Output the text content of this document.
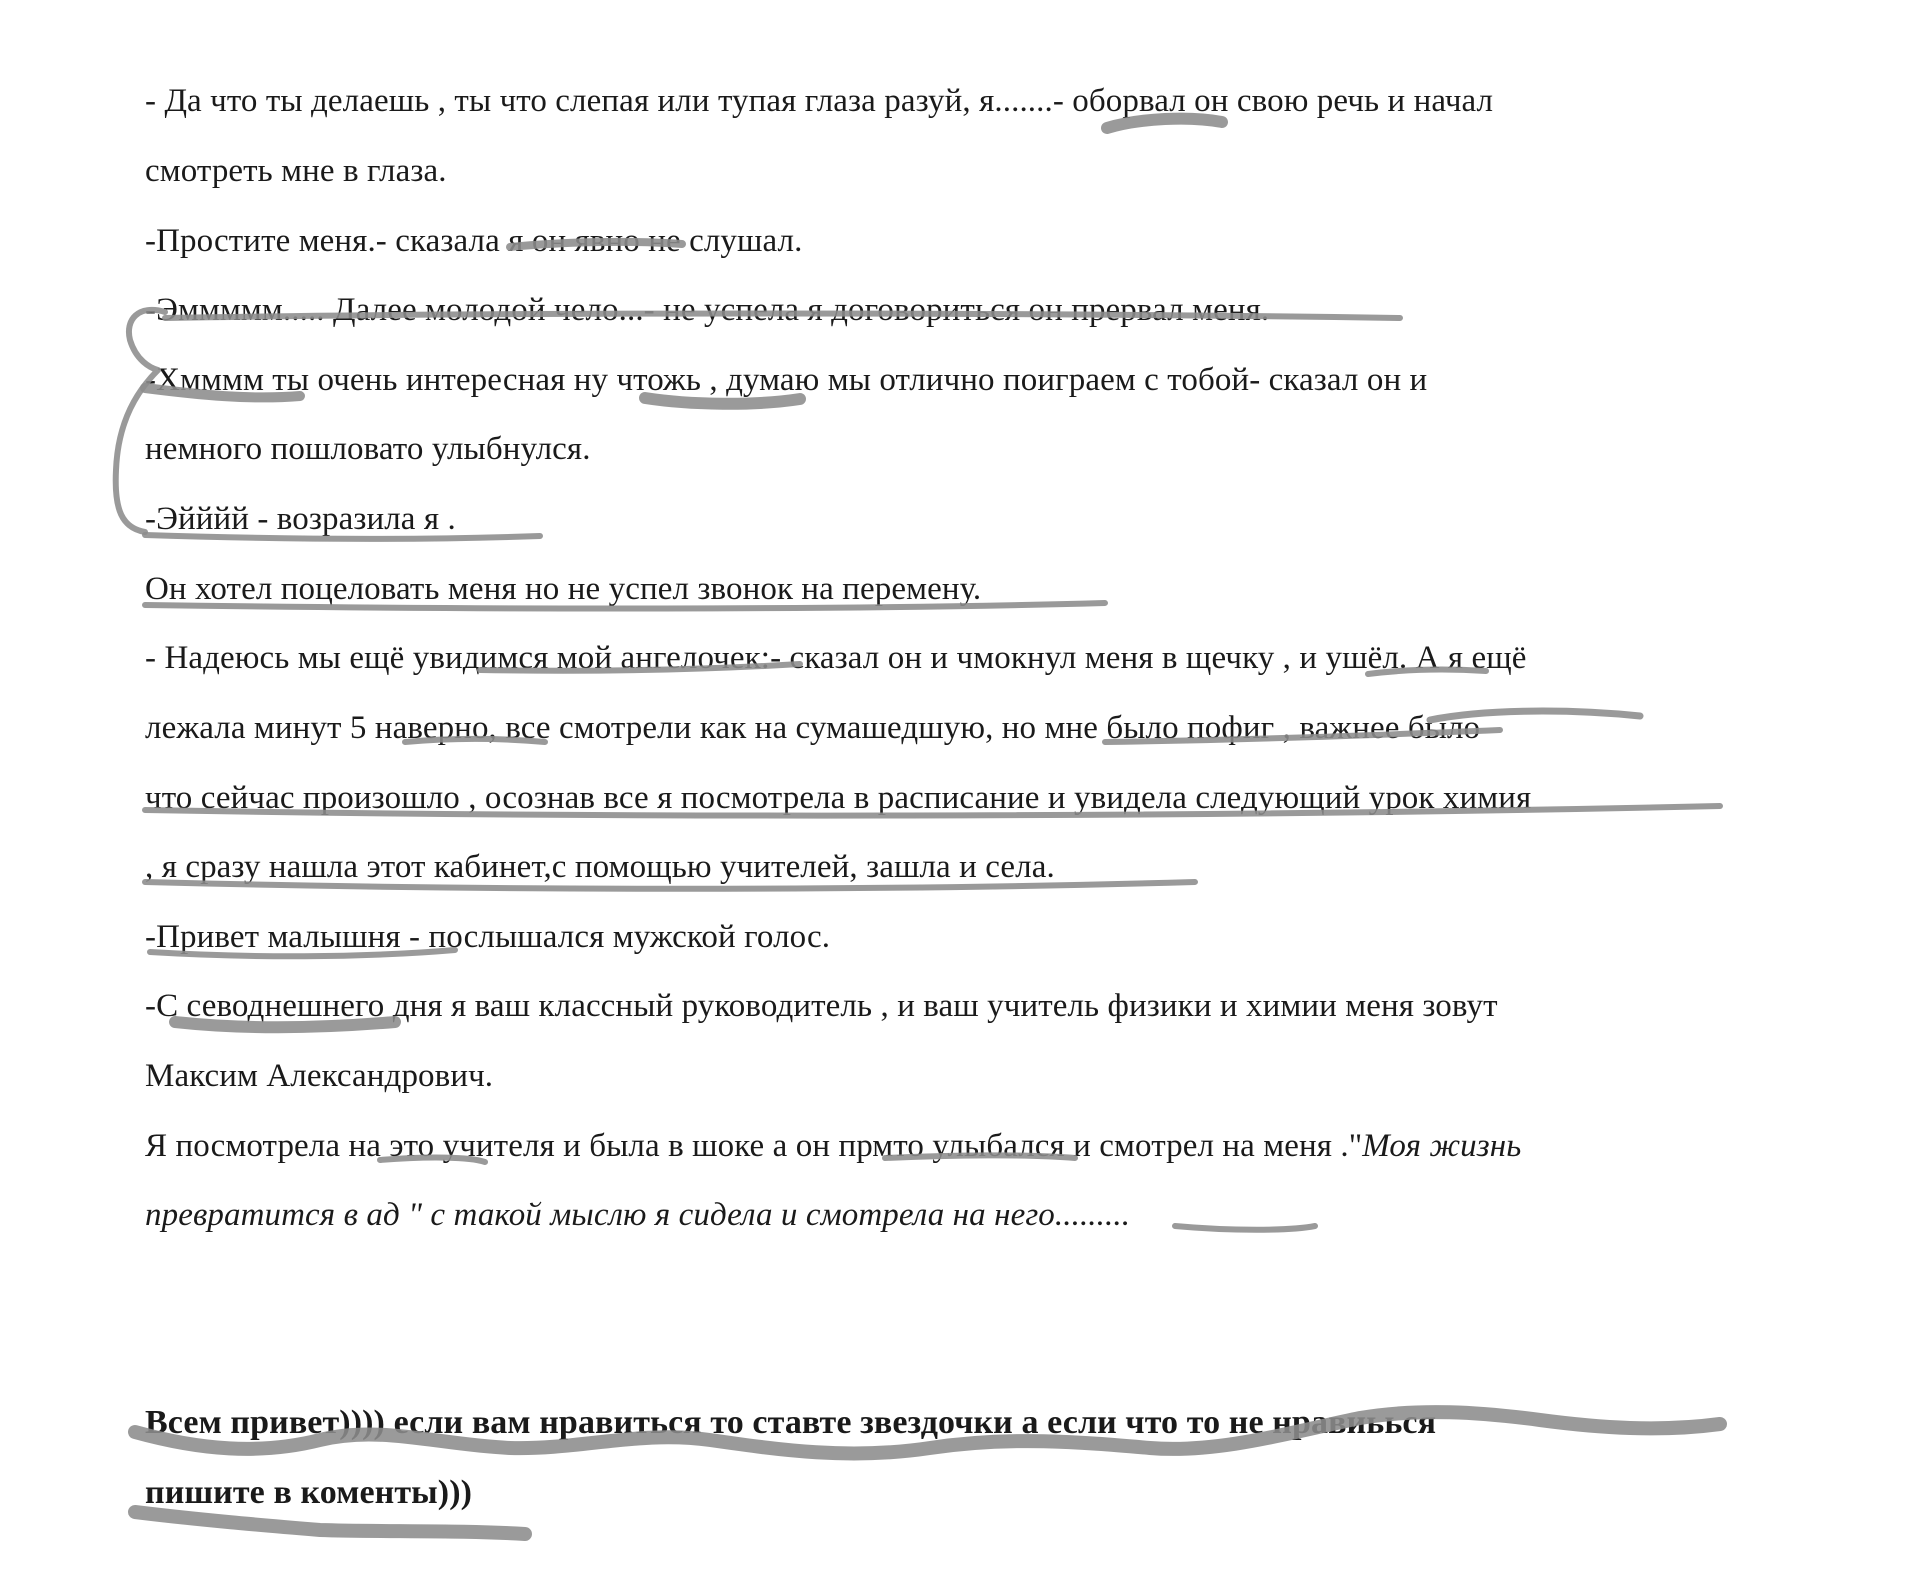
- Да что ты делаешь , ты что слепая или тупая глаза разуй, я.......- оборвал он свою речь и начал
смотреть мне в глаза.
-Простите меня.- сказала я он явно не слушал.
-Эммммм..... Далее молодой чело...- не успела я договориться он прервал меня.
-Хмммм ты очень интересная ну чтожь , думаю мы отлично поиграем с тобой- сказал он и
немного пошловато улыбнулся.
-Эйййй - возразила я .
Он хотел поцеловать меня но не успел звонок на перемену.
- Надеюсь мы ещё увидимся мой ангелочек:- сказал он и чмокнул меня в щечку , и ушёл. А я ещё
лежала минут 5 наверно, все смотрели как на сумашедшую, но мне было пофиг , важнее было
что сейчас произошло , осознав все я посмотрела в расписание и увидела следующий урок химия
, я сразу нашла этот кабинет,с помощью учителей, зашла и села.
-Привет малышня - послышался мужской голос.
-С севоднешнего дня я ваш классный руководитель , и ваш учитель физики и химии меня зовут
Максим Александрович.
Я посмотрела на это учителя и была в шоке а он прмто улыбался и смотрел на меня ."Моя жизнь
превратится в ад " с такой мыслю я сидела и смотрела на него.........
Всем привет)))) если вам нравиться то ставте звездочки а если что то не нравиьься
пишите в коменты)))
